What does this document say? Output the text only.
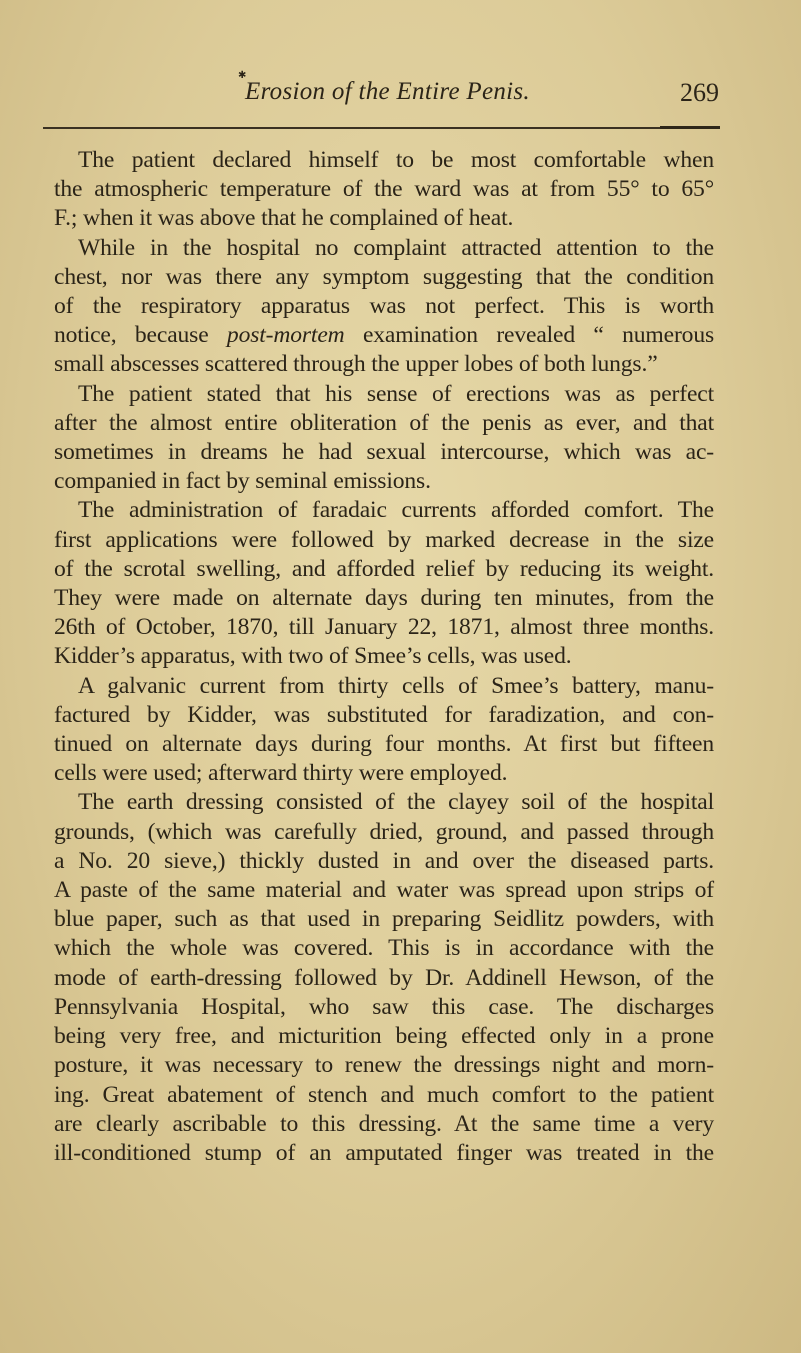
✱
Erosion of the Entire Penis.	269
The patient declared himself to be most comfortable when
the atmospheric temperature of the ward was at from 55° to 65°
F.; when it was above that he complained of heat.
While in the hospital no complaint attracted attention to the
chest, nor was there any symptom suggesting that the condition
of the respiratory apparatus was not perfect. This is worth
notice, because post-mortem examination revealed “ numerous
small abscesses scattered through the upper lobes of both lungs.”
The patient stated that his sense of erections was as perfect
after the almost entire obliteration of the penis as ever, and that
sometimes in dreams he had sexual intercourse, which was ac-
companied in fact by seminal emissions.
The administration of faradaic currents afforded comfort. The
first applications were followed by marked decrease in the size
of the scrotal swelling, and afforded relief by reducing its weight.
They were made on alternate days during ten minutes, from the
26th of October, 1870, till January 22, 1871, almost three months.
Kidder’s apparatus, with two of Smee’s cells, was used.
A galvanic current from thirty cells of Smee’s battery, manu-
factured by Kidder, was substituted for faradization, and con-
tinued on alternate days during four months. At first but fifteen
cells were used; afterward thirty were employed.
The earth dressing consisted of the clayey soil of the hospital
grounds, (which was carefully dried, ground, and passed through
a No. 20 sieve,) thickly dusted in and over the diseased parts.
A paste of the same material and water was spread upon strips of
blue paper, such as that used in preparing Seidlitz powders, with
which the whole was covered. This is in accordance with the
mode of earth-dressing followed by Dr. Addinell Hewson, of the
Pennsylvania Hospital, who saw this case. The discharges
being very free, and micturition being effected only in a prone
posture, it was necessary to renew the dressings night and morn-
ing. Great abatement of stench and much comfort to the patient
are clearly ascribable to this dressing. At the same time a very
ill-conditioned stump of an amputated finger was treated in the
